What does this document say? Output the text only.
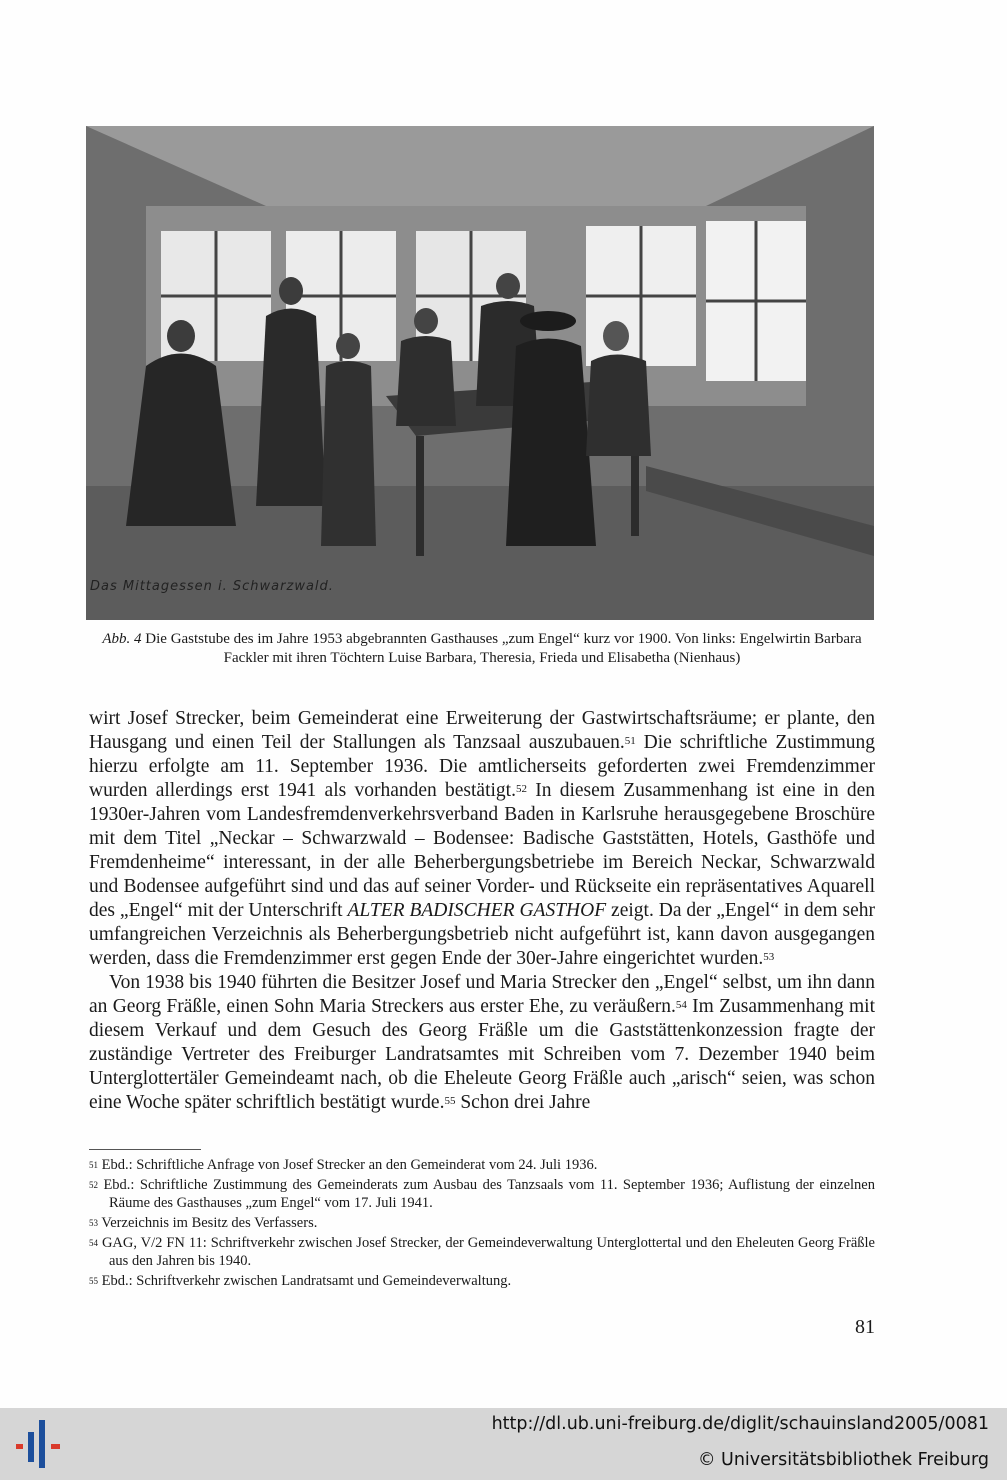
Das Mittagessen i. Schwarzwald.
Abb. 4 Die Gaststube des im Jahre 1953 abgebrannten Gasthauses „zum Engel“ kurz vor 1900. Von links: Engelwirtin Barbara Fackler mit ihren Töchtern Luise Barbara, Theresia, Frieda und Elisabetha (Nienhaus)

wirt Josef Strecker, beim Gemeinderat eine Erweiterung der Gastwirtschaftsräume; er plante, den Hausgang und einen Teil der Stallungen als Tanzsaal auszubauen.$^{51}$ Die schriftliche Zustimmung hierzu erfolgte am 11. September 1936. Die amtlicherseits geforderten zwei Fremdenzimmer wurden allerdings erst 1941 als vorhanden bestätigt.$^{52}$ In diesem Zusammenhang ist eine in den 1930er-Jahren vom Landesfremdenverkehrsverband Baden in Karlsruhe herausgegebene Broschüre mit dem Titel „Neckar – Schwarzwald – Bodensee: Badische Gaststätten, Hotels, Gasthöfe und Fremdenheime“ interessant, in der alle Beherbergungsbetriebe im Bereich Neckar, Schwarzwald und Bodensee aufgeführt sind und das auf seiner Vorder- und Rückseite ein repräsentatives Aquarell des „Engel“ mit der Unterschrift ALTER BADISCHER GASTHOF zeigt. Da der „Engel“ in dem sehr umfangreichen Verzeichnis als Beherbergungsbetrieb nicht aufgeführt ist, kann davon ausgegangen werden, dass die Fremdenzimmer erst gegen Ende der 30er-Jahre eingerichtet wurden.$^{53}$

Von 1938 bis 1940 führten die Besitzer Josef und Maria Strecker den „Engel“ selbst, um ihn dann an Georg Fräßle, einen Sohn Maria Streckers aus erster Ehe, zu veräußern.$^{54}$ Im Zusammenhang mit diesem Verkauf und dem Gesuch des Georg Fräßle um die Gaststättenkonzession fragte der zuständige Vertreter des Freiburger Landratsamtes mit Schreiben vom 7. Dezember 1940 beim Unterglottertäler Gemeindeamt nach, ob die Eheleute Georg Fräßle auch „arisch“ seien, was schon eine Woche später schriftlich bestätigt wurde.$^{55}$ Schon drei Jahre

$^{51}$ Ebd.: Schriftliche Anfrage von Josef Strecker an den Gemeinderat vom 24. Juli 1936.
$^{52}$ Ebd.: Schriftliche Zustimmung des Gemeinderats zum Ausbau des Tanzsaals vom 11. September 1936; Auflistung der einzelnen Räume des Gasthauses „zum Engel“ vom 17. Juli 1941.
$^{53}$ Verzeichnis im Besitz des Verfassers.
$^{54}$ GAG, V/2 FN 11: Schriftverkehr zwischen Josef Strecker, der Gemeindeverwaltung Unterglottertal und den Eheleuten Georg Fräßle aus den Jahren bis 1940.
$^{55}$ Ebd.: Schriftverkehr zwischen Landratsamt und Gemeindeverwaltung.
81
http://dl.ub.uni-freiburg.de/diglit/schauinsland2005/0081
© Universitätsbibliothek Freiburg
